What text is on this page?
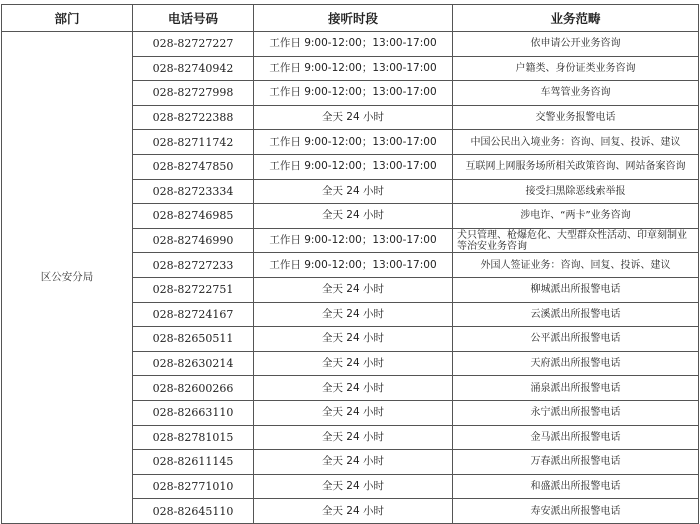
部门	电话号码	接听时段	业务范畴
区公安分局	028-82727227	工作日 9:00-12:00；13:00-17:00	依申请公开业务咨询
	028-82740942	工作日 9:00-12:00；13:00-17:00	户籍类、身份证类业务咨询
	028-82727998	工作日 9:00-12:00；13:00-17:00	车驾管业务咨询
	028-82722388	全天 24 小时	交警业务报警电话
	028-82711742	工作日 9:00-12:00；13:00-17:00	中国公民出入境业务：咨询、回复、投诉、建议
	028-82747850	工作日 9:00-12:00；13:00-17:00	互联网上网服务场所相关政策咨询、网站备案咨询
	028-82723334	全天 24 小时	接受扫黑除恶线索举报
	028-82746985	全天 24 小时	涉电诈、“两卡”业务咨询
	028-82746990	工作日 9:00-12:00；13:00-17:00	犬只管理、枪爆危化、大型群众性活动、印章刻制业等治安业务咨询
	028-82727233	工作日 9:00-12:00；13:00-17:00	外国人签证业务：咨询、回复、投诉、建议
	028-82722751	全天 24 小时	柳城派出所报警电话
	028-82724167	全天 24 小时	云溪派出所报警电话
	028-82650511	全天 24 小时	公平派出所报警电话
	028-82630214	全天 24 小时	天府派出所报警电话
	028-82600266	全天 24 小时	涌泉派出所报警电话
	028-82663110	全天 24 小时	永宁派出所报警电话
	028-82781015	全天 24 小时	金马派出所报警电话
	028-82611145	全天 24 小时	万春派出所报警电话
	028-82771010	全天 24 小时	和盛派出所报警电话
	028-82645110	全天 24 小时	寿安派出所报警电话
